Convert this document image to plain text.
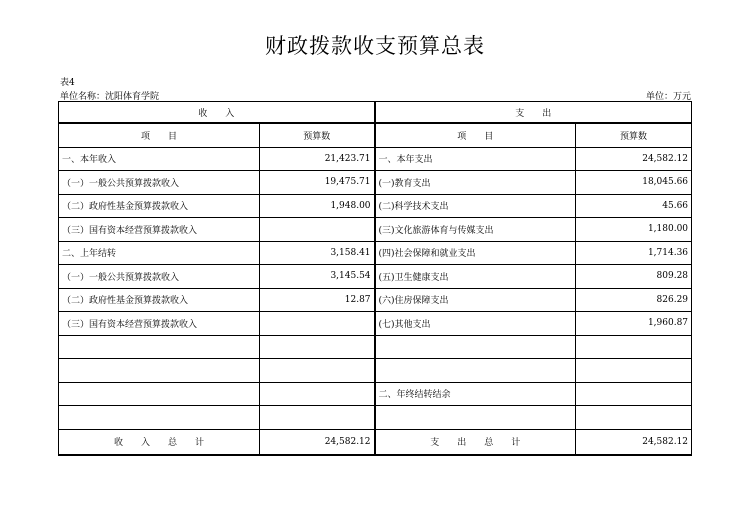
财政拨款收支预算总表
表4
单位名称：沈阳体育学院	单位：万元
收　　入		支　　出	
项　　目	预算数	项　　目	预算数
一、本年收入	21,423.71	一、本年支出	24,582.12
（一）一般公共预算拨款收入	19,475.71	(一)教育支出	18,045.66
（二）政府性基金预算拨款收入	1,948.00	(二)科学技术支出	45.66
（三）国有资本经营预算拨款收入		(三)文化旅游体育与传媒支出	1,180.00
二、上年结转	3,158.41	(四)社会保障和就业支出	1,714.36
（一）一般公共预算拨款收入	3,145.54	(五)卫生健康支出	809.28
（二）政府性基金预算拨款收入	12.87	(六)住房保障支出	826.29
（三）国有资本经营预算拨款收入		(七)其他支出	1,960.87

		二、年终结转结余	

收　　入　　总　　计	24,582.12	支　　出　　总　　计	24,582.12
